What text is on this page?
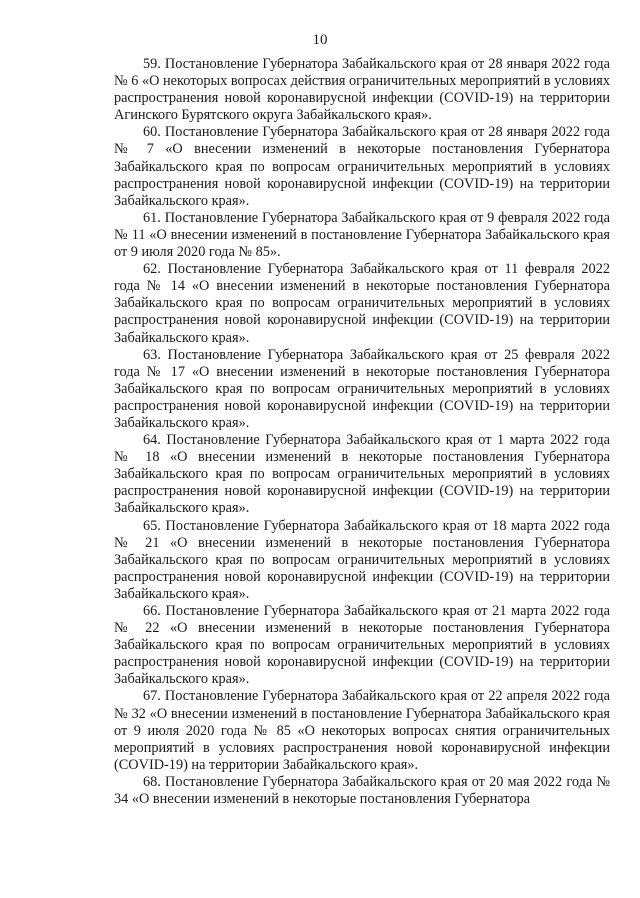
10

59. Постановление Губернатора Забайкальского края от 28 января 2022 года № 6 «О некоторых вопросах действия ограничительных мероприятий в условиях распространения новой коронавирусной инфекции (COVID-19) на территории Агинского Бурятского округа Забайкальского края».

60. Постановление Губернатора Забайкальского края от 28 января 2022 года № 7 «О внесении изменений в некоторые постановления Губернатора Забайкальского края по вопросам ограничительных мероприятий в условиях распространения новой коронавирусной инфекции (COVID-19) на территории Забайкальского края».

61. Постановление Губернатора Забайкальского края от 9 февраля 2022 года № 11 «О внесении изменений в постановление Губернатора Забайкальского края от 9 июля 2020 года № 85».

62. Постановление Губернатора Забайкальского края от 11 февраля 2022 года № 14 «О внесении изменений в некоторые постановления Губернатора Забайкальского края по вопросам ограничительных мероприятий в условиях распространения новой коронавирусной инфекции (COVID-19) на территории Забайкальского края».

63. Постановление Губернатора Забайкальского края от 25 февраля 2022 года № 17 «О внесении изменений в некоторые постановления Губернатора Забайкальского края по вопросам ограничительных мероприятий в условиях распространения новой коронавирусной инфекции (COVID-19) на территории Забайкальского края».

64. Постановление Губернатора Забайкальского края от 1 марта 2022 года № 18 «О внесении изменений в некоторые постановления Губернатора Забайкальского края по вопросам ограничительных мероприятий в условиях распространения новой коронавирусной инфекции (COVID-19) на территории Забайкальского края».

65. Постановление Губернатора Забайкальского края от 18 марта 2022 года № 21 «О внесении изменений в некоторые постановления Губернатора Забайкальского края по вопросам ограничительных мероприятий в условиях распространения новой коронавирусной инфекции (COVID-19) на территории Забайкальского края».

66. Постановление Губернатора Забайкальского края от 21 марта 2022 года № 22 «О внесении изменений в некоторые постановления Губернатора Забайкальского края по вопросам ограничительных мероприятий в условиях распространения новой коронавирусной инфекции (COVID-19) на территории Забайкальского края».

67. Постановление Губернатора Забайкальского края от 22 апреля 2022 года № 32 «О внесении изменений в постановление Губернатора Забайкальского края от 9 июля 2020 года № 85 «О некоторых вопросах снятия ограничительных мероприятий в условиях распространения новой коронавирусной инфекции (COVID-19) на территории Забайкальского края».

68. Постановление Губернатора Забайкальского края от 20 мая 2022 года № 34 «О внесении изменений в некоторые постановления Губернатора
